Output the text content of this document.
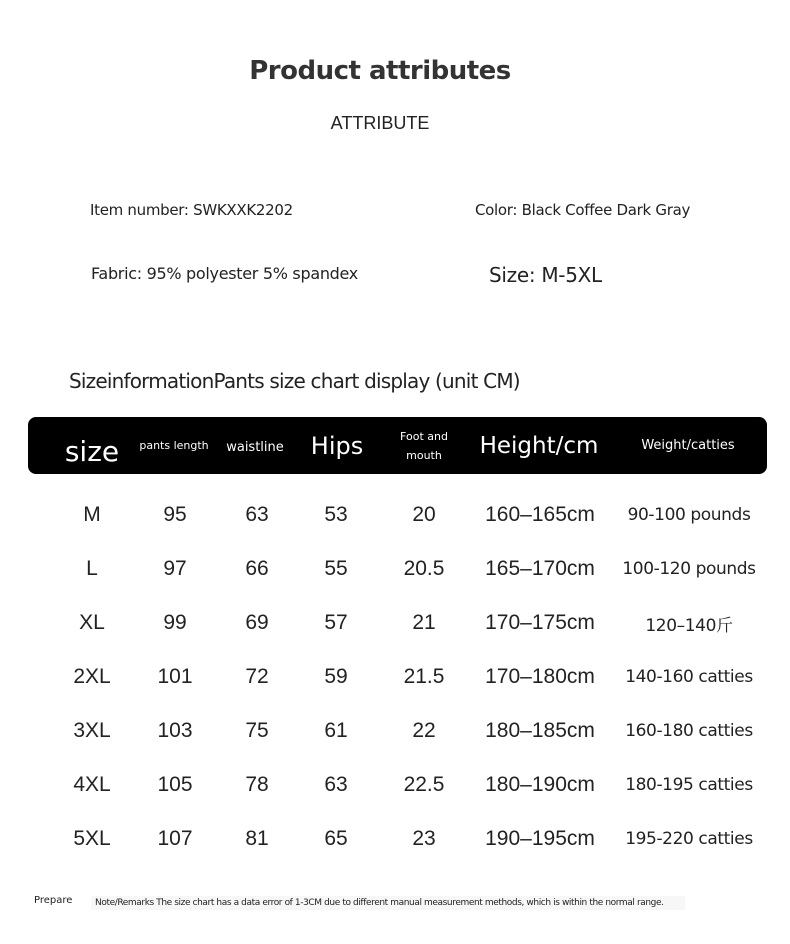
Product attributes
ATTRIBUTE
Item number: SWKXXK2202	Color: Black Coffee Dark Gray
Fabric: 95% polyester 5% spandex	Size: M-5XL
SizeinformationPants size chart display (unit CM)
size	pants length	waistline	Hips	Foot and mouth	Height/cm	Weight/catties
M	95	63	53	20	160–165cm	90-100 pounds
L	97	66	55	20.5	165–170cm	100-120 pounds
XL	99	69	57	21	170–175cm	120–140斤
2XL	101	72	59	21.5	170–180cm	140-160 catties
3XL	103	75	61	22	180–185cm	160-180 catties
4XL	105	78	63	22.5	180–190cm	180-195 catties
5XL	107	81	65	23	190–195cm	195-220 catties
Prepare	Note/Remarks The size chart has a data error of 1-3CM due to different manual measurement methods, which is within the normal range.
